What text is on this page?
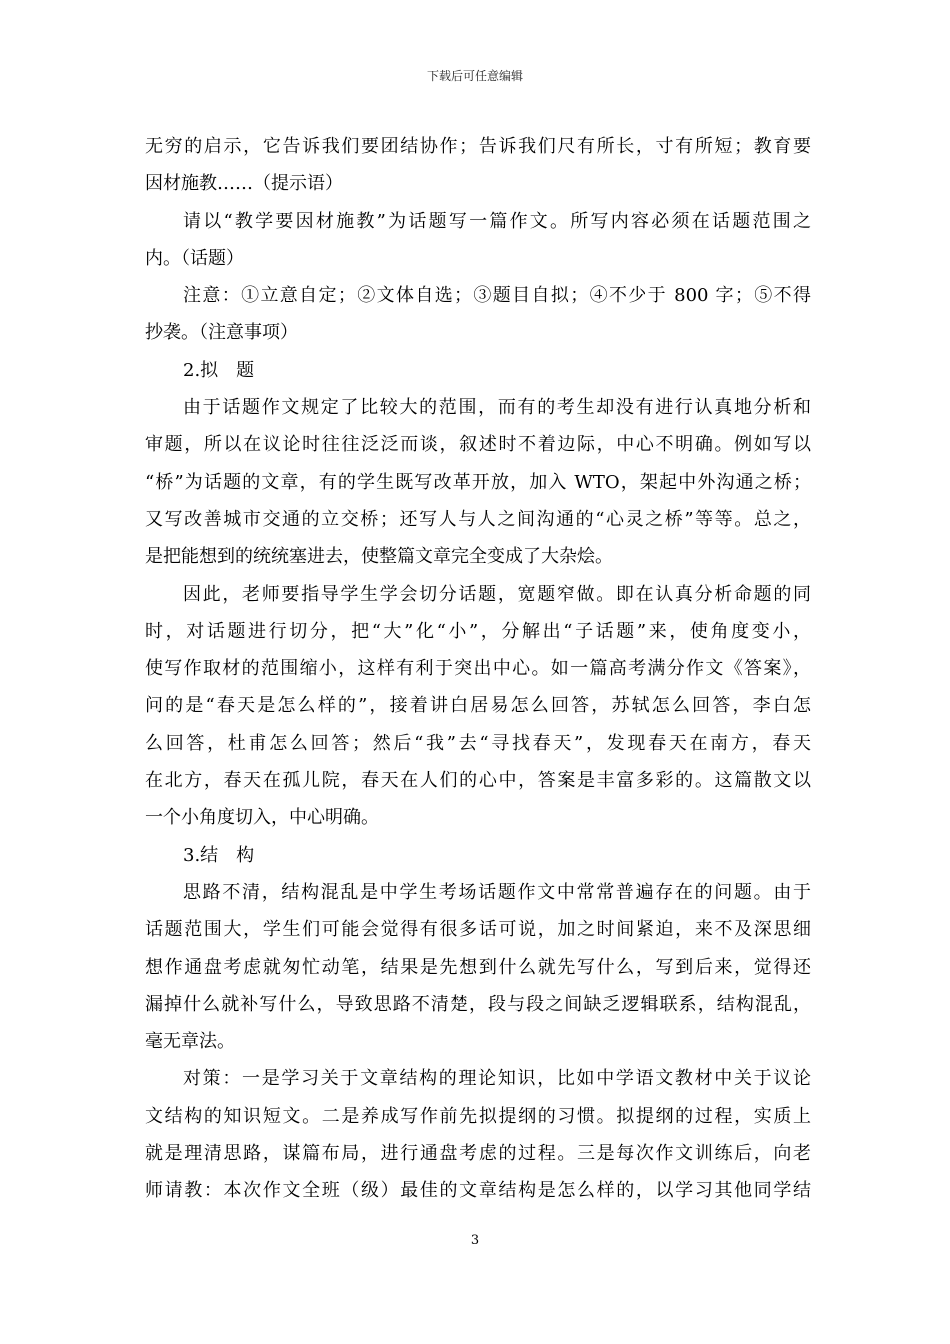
下载后可任意编辑
无穷的启示，它告诉我们要团结协作；告诉我们尺有所长，寸有所短；教育要
因材施教……（提示语）
请以“教学要因材施教”为话题写一篇作文。所写内容必须在话题范围之
内。（话题）
注意：①立意自定；②文体自选；③题目自拟；④不少于 800 字；⑤不得
抄袭。（注意事项）
2.拟　题
由于话题作文规定了比较大的范围，而有的考生却没有进行认真地分析和
审题，所以在议论时往往泛泛而谈，叙述时不着边际，中心不明确。例如写以
“桥”为话题的文章，有的学生既写改革开放，加入 WTO，架起中外沟通之桥；
又写改善城市交通的立交桥；还写人与人之间沟通的“心灵之桥”等等。总之，
是把能想到的统统塞进去，使整篇文章完全变成了大杂烩。
因此，老师要指导学生学会切分话题，宽题窄做。即在认真分析命题的同
时，对话题进行切分，把“大”化“小”，分解出“子话题”来，使角度变小，
使写作取材的范围缩小，这样有利于突出中心。如一篇高考满分作文《答案》，
问的是“春天是怎么样的”，接着讲白居易怎么回答，苏轼怎么回答，李白怎
么回答，杜甫怎么回答；然后“我”去“寻找春天”，发现春天在南方，春天
在北方，春天在孤儿院，春天在人们的心中，答案是丰富多彩的。这篇散文以
一个小角度切入，中心明确。
3.结　构
思路不清，结构混乱是中学生考场话题作文中常常普遍存在的问题。由于
话题范围大，学生们可能会觉得有很多话可说，加之时间紧迫，来不及深思细
想作通盘考虑就匆忙动笔，结果是先想到什么就先写什么，写到后来，觉得还
漏掉什么就补写什么，导致思路不清楚，段与段之间缺乏逻辑联系，结构混乱，
毫无章法。
对策：一是学习关于文章结构的理论知识，比如中学语文教材中关于议论
文结构的知识短文。二是养成写作前先拟提纲的习惯。拟提纲的过程，实质上
就是理清思路，谋篇布局，进行通盘考虑的过程。三是每次作文训练后，向老
师请教：本次作文全班（级）最佳的文章结构是怎么样的，以学习其他同学结
3
